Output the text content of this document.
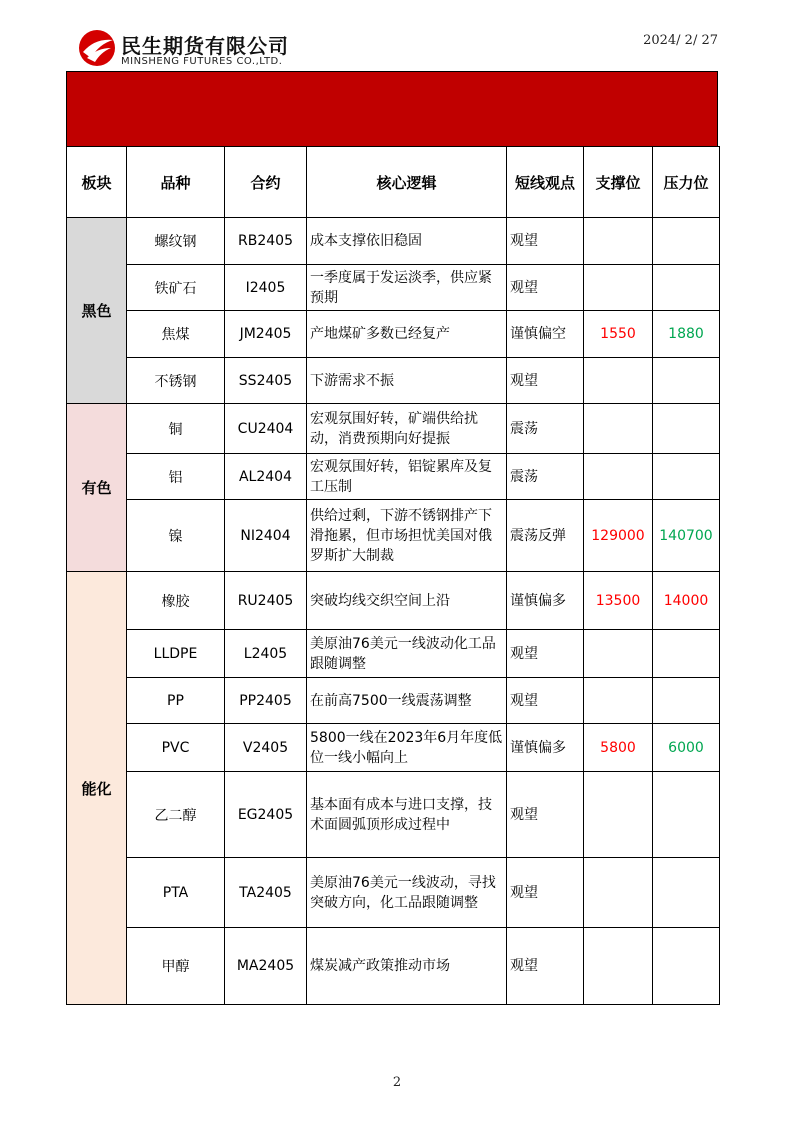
民生期货有限公司
MINSHENG FUTURES CO.,LTD.
2024/ 2/ 27
板块	品种	合约	核心逻辑	短线观点	支撑位	压力位
黑色	螺纹钢	RB2405	成本支撑依旧稳固	观望		
	铁矿石	I2405	一季度属于发运淡季，供应紧预期	观望		
	焦煤	JM2405	产地煤矿多数已经复产	谨慎偏空	1550	1880
	不锈钢	SS2405	下游需求不振	观望		
有色	铜	CU2404	宏观氛围好转，矿端供给扰动，消费预期向好提振	震荡		
	铝	AL2404	宏观氛围好转，铝锭累库及复工压制	震荡		
	镍	NI2404	供给过剩，下游不锈钢排产下滑拖累，但市场担忧美国对俄罗斯扩大制裁	震荡反弹	129000	140700
能化	橡胶	RU2405	突破均线交织空间上沿	谨慎偏多	13500	14000
	LLDPE	L2405	美原油76美元一线波动化工品跟随调整	观望		
	PP	PP2405	在前高7500一线震荡调整	观望		
	PVC	V2405	5800一线在2023年6月年度低位一线小幅向上	谨慎偏多	5800	6000
	乙二醇	EG2405	基本面有成本与进口支撑，技术面圆弧顶形成过程中	观望		
	PTA	TA2405	美原油76美元一线波动，寻找突破方向，化工品跟随调整	观望		
	甲醇	MA2405	煤炭减产政策推动市场	观望		
2
